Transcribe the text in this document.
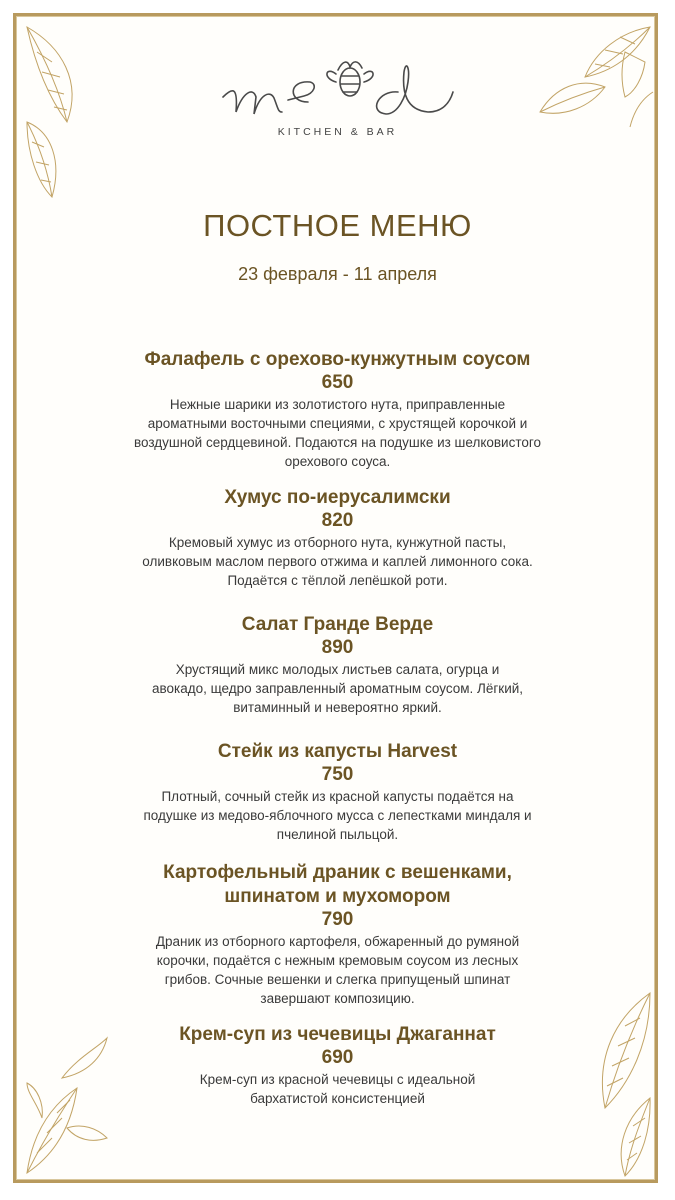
KITCHEN & BAR
ПОСТНОЕ МЕНЮ
23 февраля - 11 апреля
Фалафель с орехово-кунжутным соусом
650
Нежные шарики из золотистого нута, приправленные ароматными восточными специями, с хрустящей корочкой и воздушной сердцевиной. Подаются на подушке из шелковистого орехового соуса.
Хумус по-иерусалимски
820
Кремовый хумус из отборного нута, кунжутной пасты, оливковым маслом первого отжима и каплей лимонного сока. Подаётся с тёплой лепёшкой роти.
Салат Гранде Верде
890
Хрустящий микс молодых листьев салата, огурца и авокадо, щедро заправленный ароматным соусом. Лёгкий, витаминный и невероятно яркий.
Стейк из капусты Harvest
750
Плотный, сочный стейк из красной капусты подаётся на подушке из медово-яблочного мусса с лепестками миндаля и пчелиной пыльцой.
Картофельный драник с вешенками, шпинатом и мухомором
790
Драник из отборного картофеля, обжаренный до румяной корочки, подаётся с нежным кремовым соусом из лесных грибов. Сочные вешенки и слегка припущеный шпинат завершают композицию.
Крем-суп из чечевицы Джаганнат
690
Крем-суп из красной чечевицы с идеальной бархатистой консистенцией
